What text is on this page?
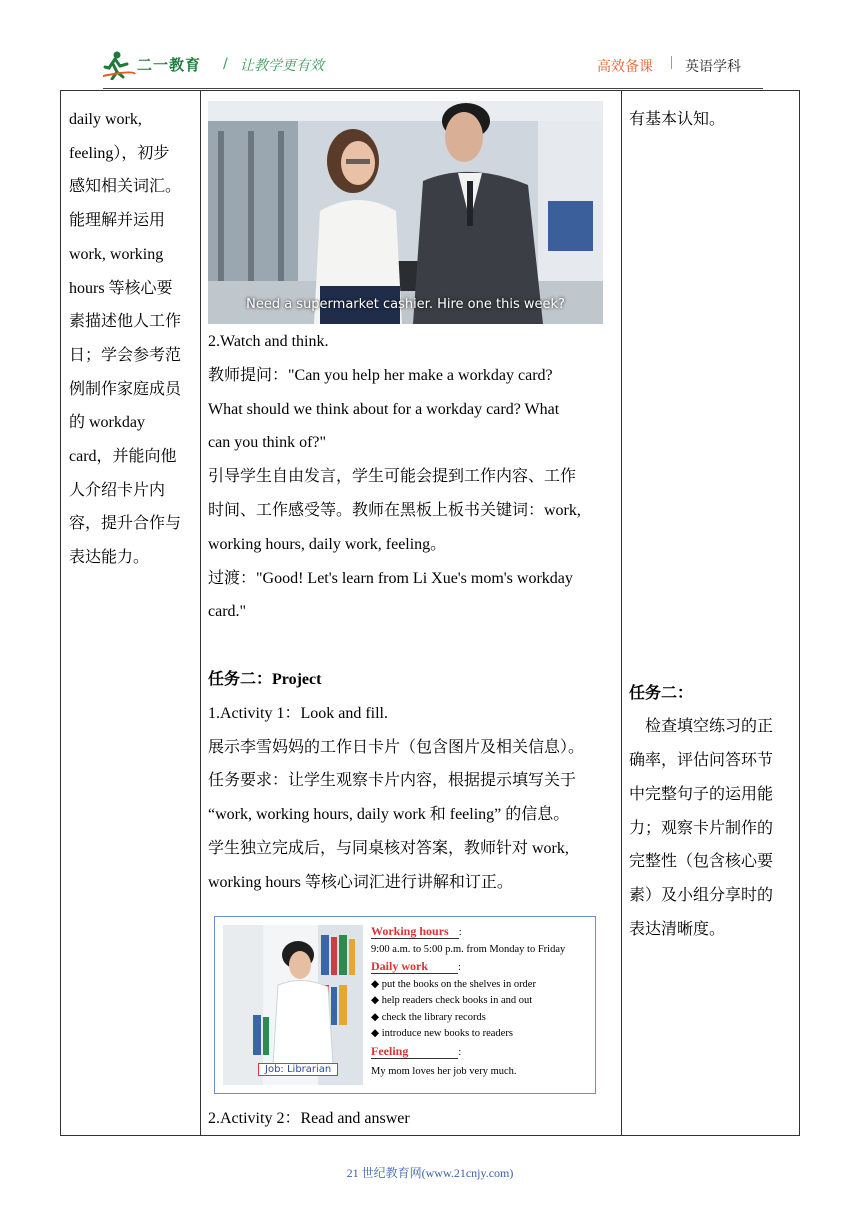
二一教育 / 让教学更有效	高效备课 | 英语学科
daily work,
feeling），初步
感知相关词汇。
能理解并运用
work, working
hours 等核心要
素描述他人工作
日；学会参考范
例制作家庭成员
的 workday
card，并能向他
人介绍卡片内
容，提升合作与
表达能力。
Need a supermarket cashier. Hire one this week?

2.Watch and think.

教师提问："Can you help her make a workday card?

What should we think about for a workday card? What

can you think of?"

引导学生自由发言，学生可能会提到工作内容、工作

时间、工作感受等。教师在黑板上板书关键词：work,

working hours, daily work, feeling。

过渡："Good! Let's learn from Li Xue's mom's workday

card."

任务二：Project

1.Activity 1：Look and fill.

展示李雪妈妈的工作日卡片（包含图片及相关信息）。

任务要求：让学生观察卡片内容，根据提示填写关于

“work, working hours, daily work 和 feeling” 的信息。

学生独立完成后，与同桌核对答案，教师针对 work,

working hours 等核心词汇进行讲解和订正。

Job: Librarian
Working hours :
9:00 a.m. to 5:00 p.m. from Monday to Friday
Daily work	:
◆ put the books on the shelves in order
◆ help readers check books in and out
◆ check the library records
◆ introduce new books to readers
Feeling	:
My mom loves her job very much.

2.Activity 2：Read and answer

有基本认知。
任务二：
　检查填空练习的正
确率，评估问答环节
中完整句子的运用能
力；观察卡片制作的
完整性（包含核心要
素）及小组分享时的
表达清晰度。
21 世纪教育网(www.21cnjy.com)
